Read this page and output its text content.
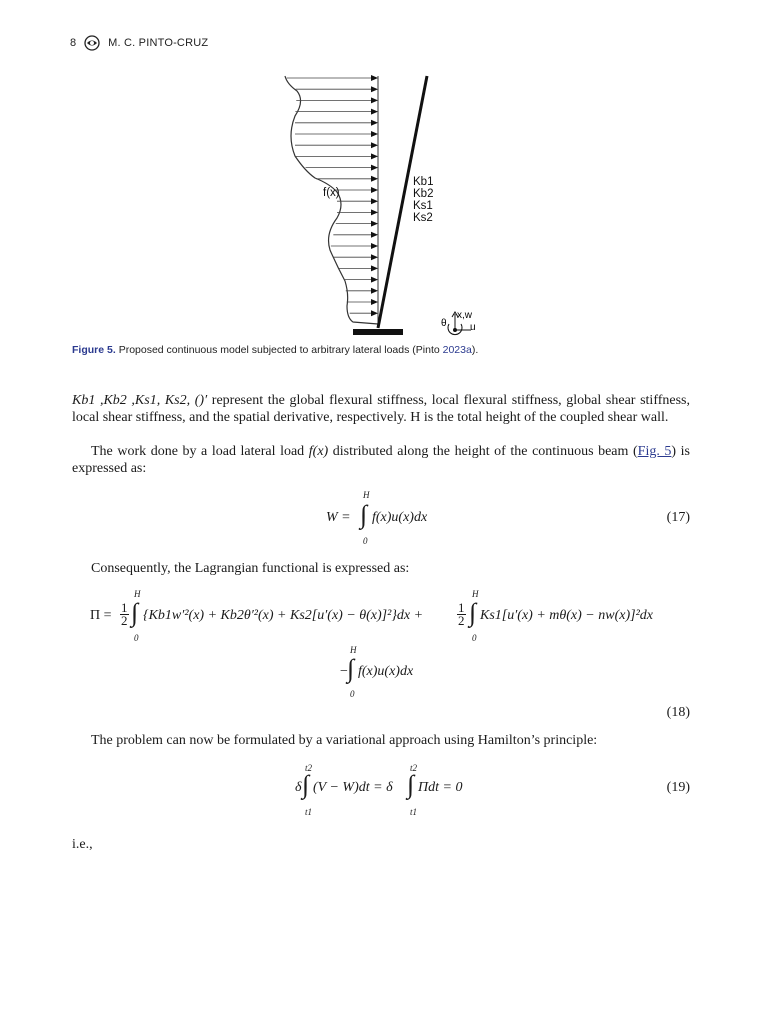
8	M. C. PINTO-CRUZ
f(x)
Kb1
Kb2
Ks1
Ks2
x,w
θ u
Figure 5. Proposed continuous model subjected to arbitrary lateral loads (Pinto 2023a).

Kb1 ,Kb2 ,Ks1, Ks2, ()′ represent the global flexural stiffness, local flexural stiffness, global shear stiffness, local shear stiffness, and the spatial derivative, respectively. H is the total height of the coupled shear wall.

The work done by a load lateral load f(x) distributed along the height of the continuous beam (Fig. 5) is expressed as:

W =
H
∫
0
f(x)u(x)dx	(17)

Consequently, the Lagrangian functional is expressed as:

$\Pi = \frac{1}{2}$
H
∫
0
{Kb1w′²(x) + Kb2θ′²(x) + Ks2[u′(x) − θ(x)]²}dx +	$\frac{1}{2}$
H
∫
0
Ks1[u′(x) + mθ(x) − nw(x)]²dx
−
H
∫
0
f(x)u(x)dx
(18)

The problem can now be formulated by a variational approach using Hamilton’s principle:

δ
t2
∫
t1
(V − W)dt = δ
t2
∫
t1
Πdt = 0	(19)

i.e.,
